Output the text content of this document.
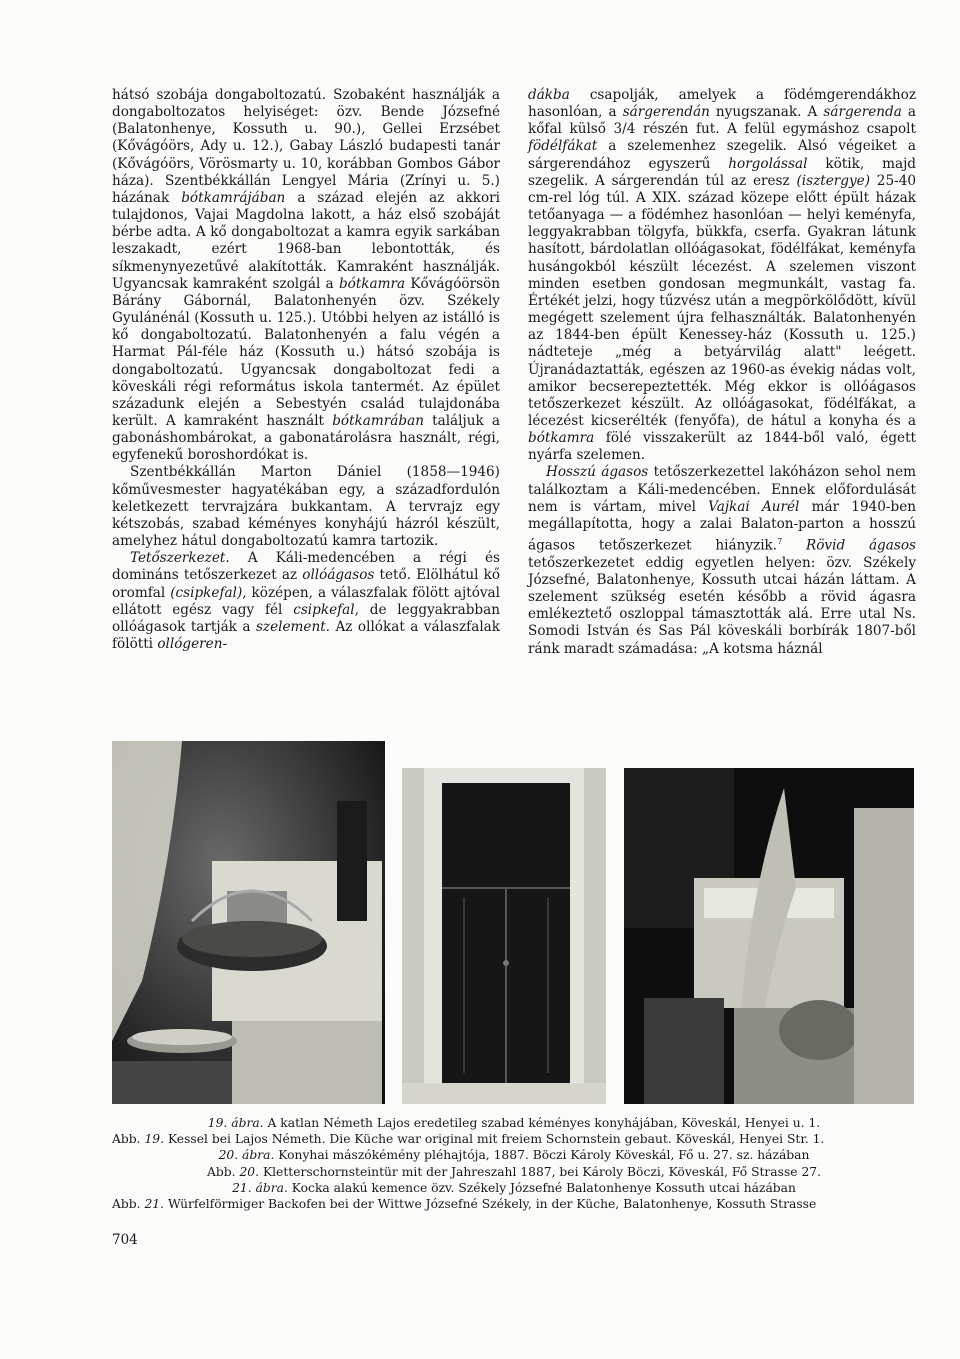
hátsó szobája dongaboltozatú. Szobaként használják a dongaboltozatos helyiséget: özv. Bende Józsefné (Balatonhenye, Kossuth u. 90.), Gellei Erzsébet (Kővágóörs, Ady u. 12.), Gabay László budapesti tanár (Kővágóörs, Vörösmarty u. 10, korábban Gombos Gábor háza). Szentbékkállán Lengyel Mária (Zrínyi u. 5.) házának bótkamrájában a század elején az akkori tulajdonos, Vajai Magdolna lakott, a ház első szobáját bérbe adta. A kő dongaboltozat a kamra egyik sarkában leszakadt, ezért 1968-ban lebontották, és síkmenynyezetűvé alakították. Kamraként használják. Ugyancsak kamraként szolgál a bótkamra Kővágóörsön Bárány Gábornál, Balatonhenyén özv. Székely Gyulánénál (Kossuth u. 125.). Utóbbi helyen az istálló is kő dongaboltozatú. Balatonhenyén a falu végén a Harmat Pál-féle ház (Kossuth u.) hátsó szobája is dongaboltozatú. Ugyancsak dongaboltozat fedi a köveskáli régi református iskola tantermét. Az épület századunk elején a Sebestyén család tulajdonába került. A kamraként használt bótkamrában találjuk a gabonáshombárokat, a gabonatárolásra használt, régi, egyfenekű boroshordókat is.

Szentbékkállán Marton Dániel (1858—1946) kőművesmester hagyatékában egy, a századfordulón keletkezett tervrajzára bukkantam. A tervrajz egy kétszobás, szabad kéményes konyhájú házról készült, amelyhez hátul dongaboltozatú kamra tartozik.

Tetőszerkezet. A Káli-medencében a régi és domináns tetőszerkezet az ollóágasos tető. Elölhátul kő oromfal (csipkefal), középen, a válaszfalak fölött ajtóval ellátott egész vagy fél csipkefal, de leggyakrabban ollóágasok tartják a szelement. Az ollókat a válaszfalak fölötti ollógeren-

dákba csapolják, amelyek a födémgerendákhoz hasonlóan, a sárgerendán nyugszanak. A sárgerenda a kőfal külső 3/4 részén fut. A felül egymáshoz csapolt födélfákat a szelemenhez szegelik. Alsó végeiket a sárgerendához egyszerű horgolással kötik, majd szegelik. A sárgerendán túl az eresz (isztergye) 25-40 cm-rel lóg túl. A XIX. század közepe előtt épült házak tetőanyaga — a födémhez hasonlóan — helyi keményfa, leggyakrabban tölgyfa, bükkfa, cserfa. Gyakran látunk hasított, bárdolatlan ollóágasokat, födélfákat, keményfa husángokból készült lécezést. A szelemen viszont minden esetben gondosan megmunkált, vastag fa. Értékét jelzi, hogy tűzvész után a megpörkölődött, kívül megégett szelement újra felhasználták. Balatonhenyén az 1844-ben épült Kenessey-ház (Kossuth u. 125.) nádteteje „még a betyárvilág alatt" leégett. Újranádaztatták, egészen az 1960-as évekig nádas volt, amikor becserepeztették. Még ekkor is ollóágasos tetőszerkezet készült. Az ollóágasokat, födélfákat, a lécezést kicserélték (fenyőfa), de hátul a konyha és a bótkamra fölé visszakerült az 1844-ből való, égett nyárfa szelemen.

Hosszú ágasos tetőszerkezettel lakóházon sehol nem találkoztam a Káli-medencében. Ennek előfordulását nem is vártam, mivel Vajkai Aurél már 1940-ben megállapította, hogy a zalai Balaton-parton a hosszú ágasos tetőszerkezet hiányzik.$^7$ Rövid ágasos tetőszerkezetet eddig egyetlen helyen: özv. Székely Józsefné, Balatonhenye, Kossuth utcai házán láttam. A szelement szükség esetén később a rövid ágasra emlékeztető oszloppal támasztották alá. Erre utal Ns. Somodi István és Sas Pál köveskáli borbírák 1807-ből ránk maradt számadása: „A kotsma háznál

19. ábra. A katlan Németh Lajos eredetileg szabad kéményes konyhájában, Köveskál, Henyei u. 1.

Abb. 19. Kessel bei Lajos Németh. Die Küche war original mit freiem Schornstein gebaut. Köveskál, Henyei Str. 1.

20. ábra. Konyhai mászókémény pléhajtója, 1887. Böczi Károly Köveskál, Fő u. 27. sz. házában

Abb. 20. Kletterschornsteintür mit der Jahreszahl 1887, bei Károly Böczi, Köveskál, Fő Strasse 27.

21. ábra. Kocka alakú kemence özv. Székely Józsefné Balatonhenye Kossuth utcai házában

Abb. 21. Würfelförmiger Backofen bei der Wittwe Józsefné Székely, in der Küche, Balatonhenye, Kossuth Strasse

704
